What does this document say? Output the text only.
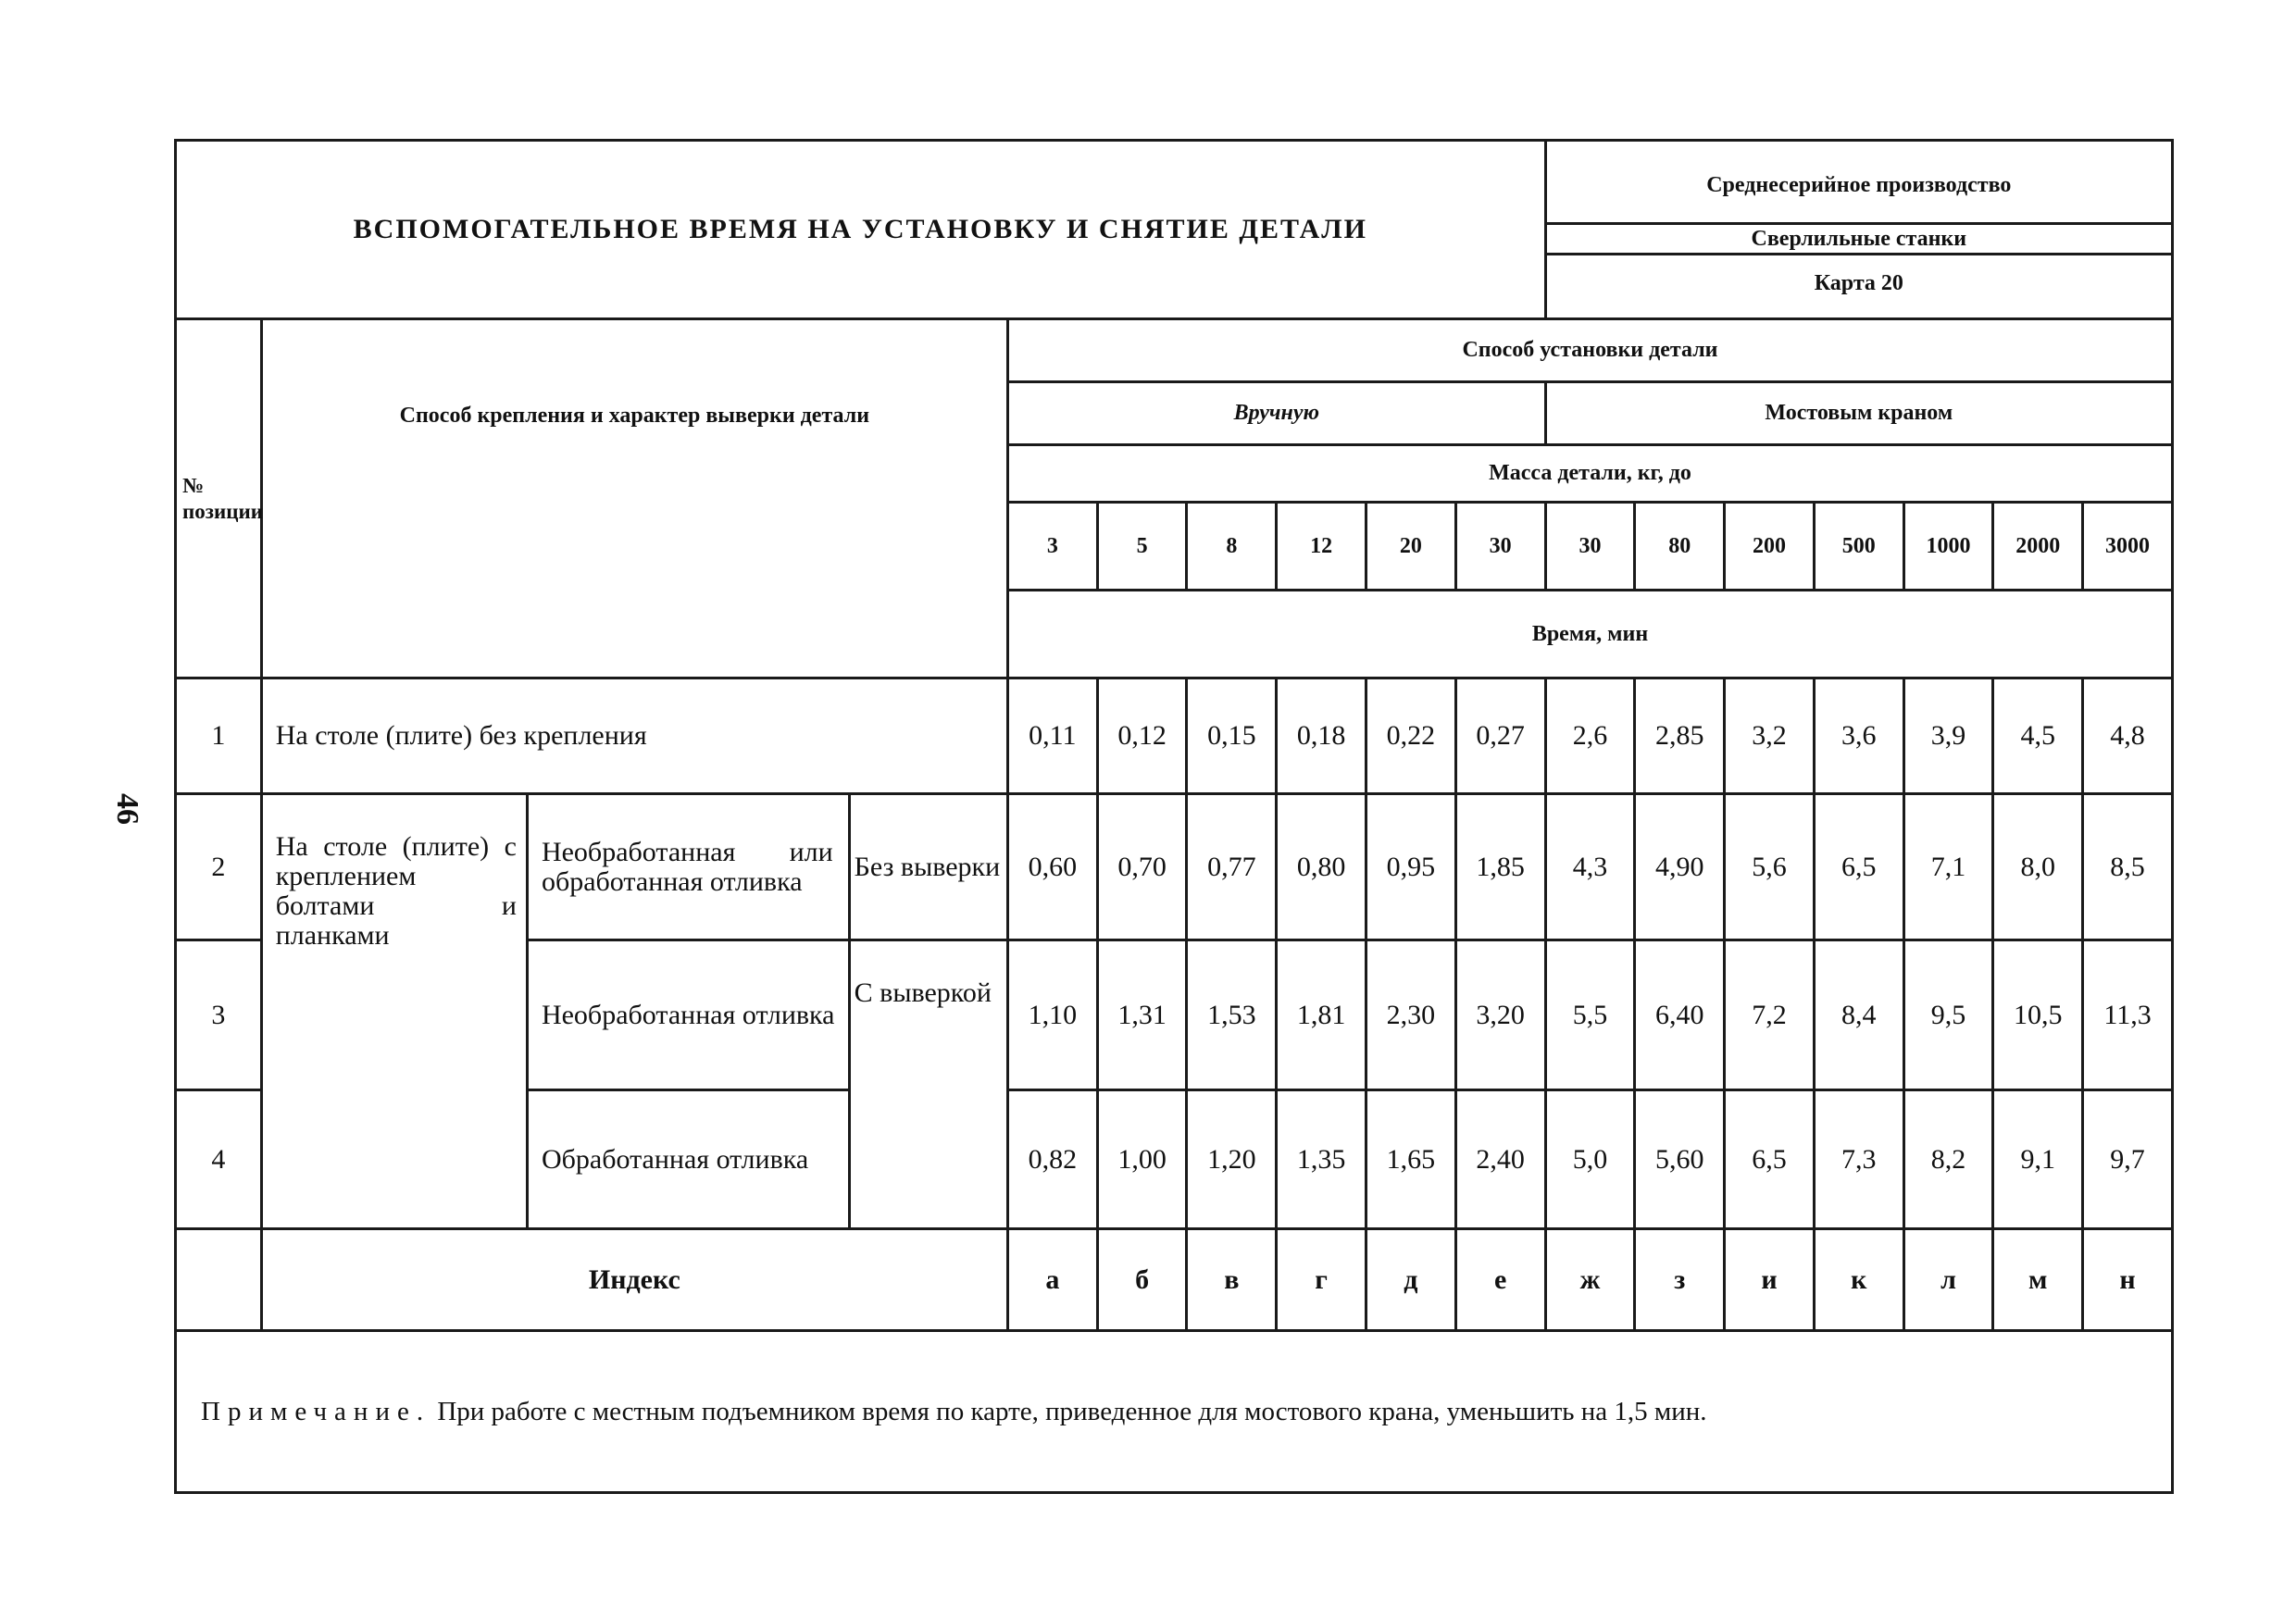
46
ВСПОМОГАТЕЛЬНОЕ ВРЕМЯ НА УСТАНОВКУ И СНЯТИЕ ДЕТАЛИ										Среднесерийное производство
Сверлильные станки
Карта 20						

№ позиции	Способ крепления и характер выверки детали			Способ установки детали												
				Вручную						Мостовым краном						
				Масса детали, кг, до												
				3	5	8	12	20	30	30	80	200	500	1000	2000	3000
				Время, мин												
1	На столе (плите) без крепления			0,11	0,12	0,15	0,18	0,22	0,27	2,6	2,85	3,2	3,6	3,9	4,5	4,8
2	На столе (плите) с креплением болтами и планками	Необработанная или обработанная отливка	Без выверки	0,60	0,70	0,77	0,80	0,95	1,85	4,3	4,90	5,6	6,5	7,1	8,0	8,5
3		Необработанная отливка	С выверкой	1,10	1,31	1,53	1,81	2,30	3,20	5,5	6,40	7,2	8,4	9,5	10,5	11,3
4		Обработанная отливка		0,82	1,00	1,20	1,35	1,65	2,40	5,0	5,60	6,5	7,3	8,2	9,1	9,7
	Индекс			а	б	в	г	д	е	ж	з	и	к	л	м	н
Примечание. При работе с местным подъемником время по карте, приведенное для мостового крана, уменьшить на 1,5 мин.
